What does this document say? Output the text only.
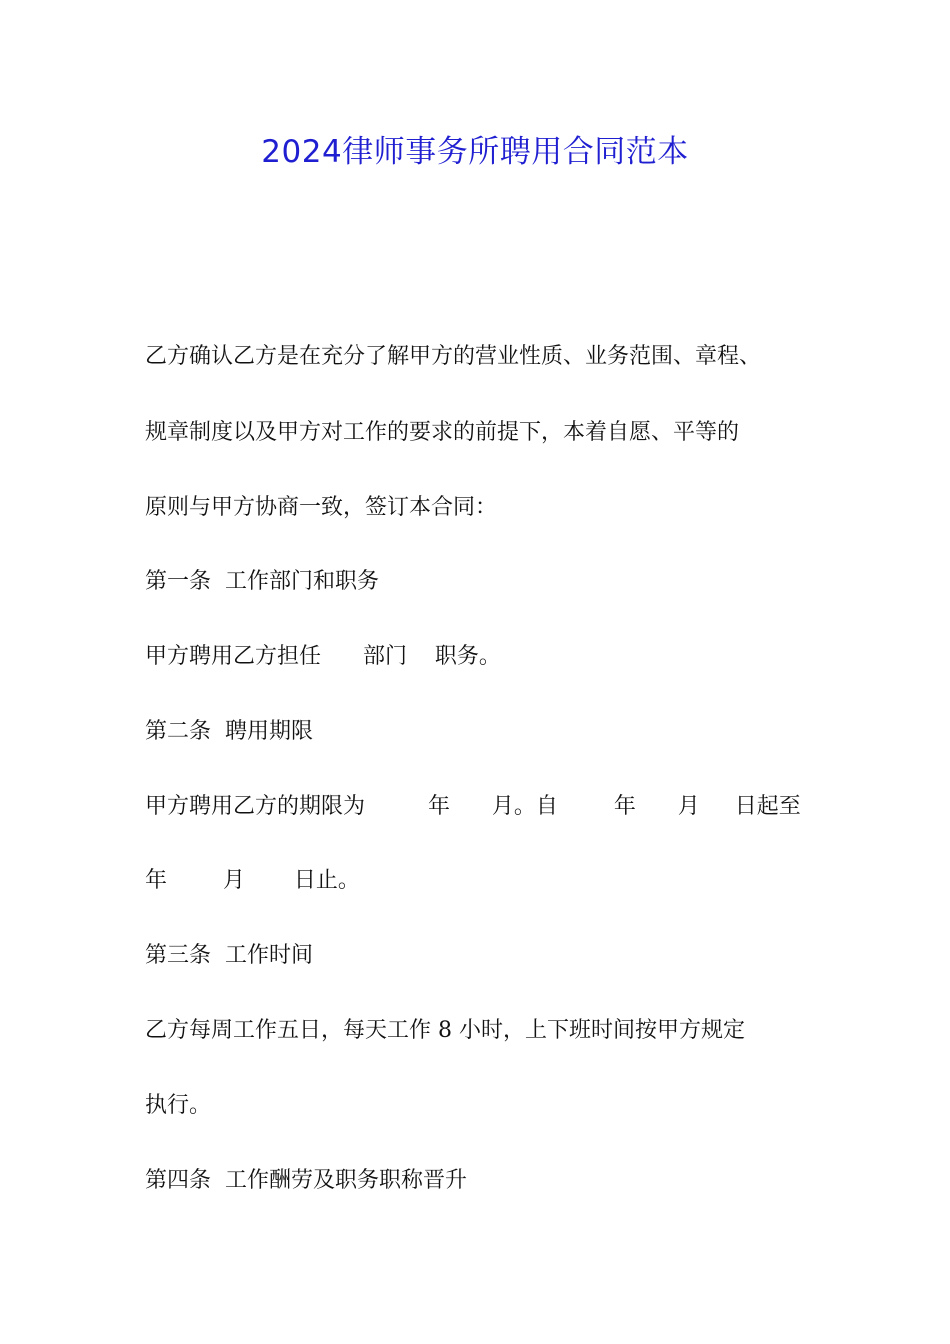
2024律师事务所聘用合同范本
乙方确认乙方是在充分了解甲方的营业性质、业务范围、章程、
规章制度以及甲方对工作的要求的前提下，本着自愿、平等的
原则与甲方协商一致，签订本合同：
第一条  工作部门和职务
甲方聘用乙方担任      部门    职务。
第二条  聘用期限
甲方聘用乙方的期限为         年      月。自        年      月     日起至
年        月       日止。
第三条  工作时间
乙方每周工作五日，每天工作 8 小时，上下班时间按甲方规定
执行。
第四条  工作酬劳及职务职称晋升
